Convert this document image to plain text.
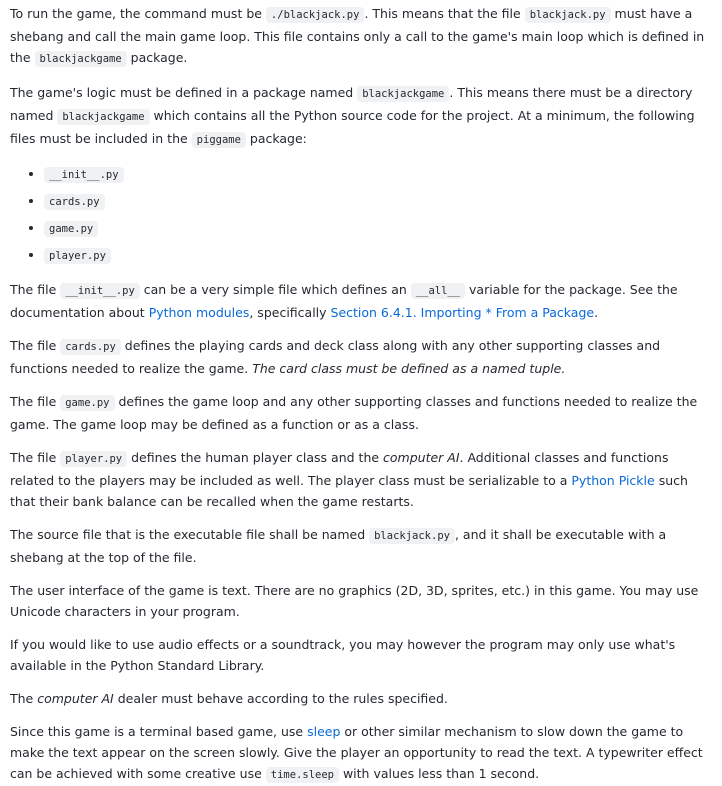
To run the game, the command must be ./blackjack.py . This means that the file blackjack.py must have a shebang and call the main game loop. This file contains only a call to the game's main loop which is defined in the blackjackgame package.

The game's logic must be defined in a package named blackjackgame . This means there must be a directory named blackjackgame which contains all the Python source code for the project. At a minimum, the following files must be included in the piggame package:

• __init__.py
• cards.py
• game.py
• player.py

The file __init__.py can be a very simple file which defines an __all__ variable for the package. See the documentation about Python modules, specifically Section 6.4.1. Importing * From a Package.

The file cards.py defines the playing cards and deck class along with any other supporting classes and functions needed to realize the game. The card class must be defined as a named tuple.

The file game.py defines the game loop and any other supporting classes and functions needed to realize the game. The game loop may be defined as a function or as a class.

The file player.py defines the human player class and the computer AI. Additional classes and functions related to the players may be included as well. The player class must be serializable to a Python Pickle such that their bank balance can be recalled when the game restarts.

The source file that is the executable file shall be named blackjack.py , and it shall be executable with a shebang at the top of the file.

The user interface of the game is text. There are no graphics (2D, 3D, sprites, etc.) in this game. You may use Unicode characters in your program.

If you would like to use audio effects or a soundtrack, you may however the program may only use what's available in the Python Standard Library.

The computer AI dealer must behave according to the rules specified.

Since this game is a terminal based game, use sleep or other similar mechanism to slow down the game to make the text appear on the screen slowly. Give the player an opportunity to read the text. A typewriter effect can be achieved with some creative use time.sleep with values less than 1 second.
